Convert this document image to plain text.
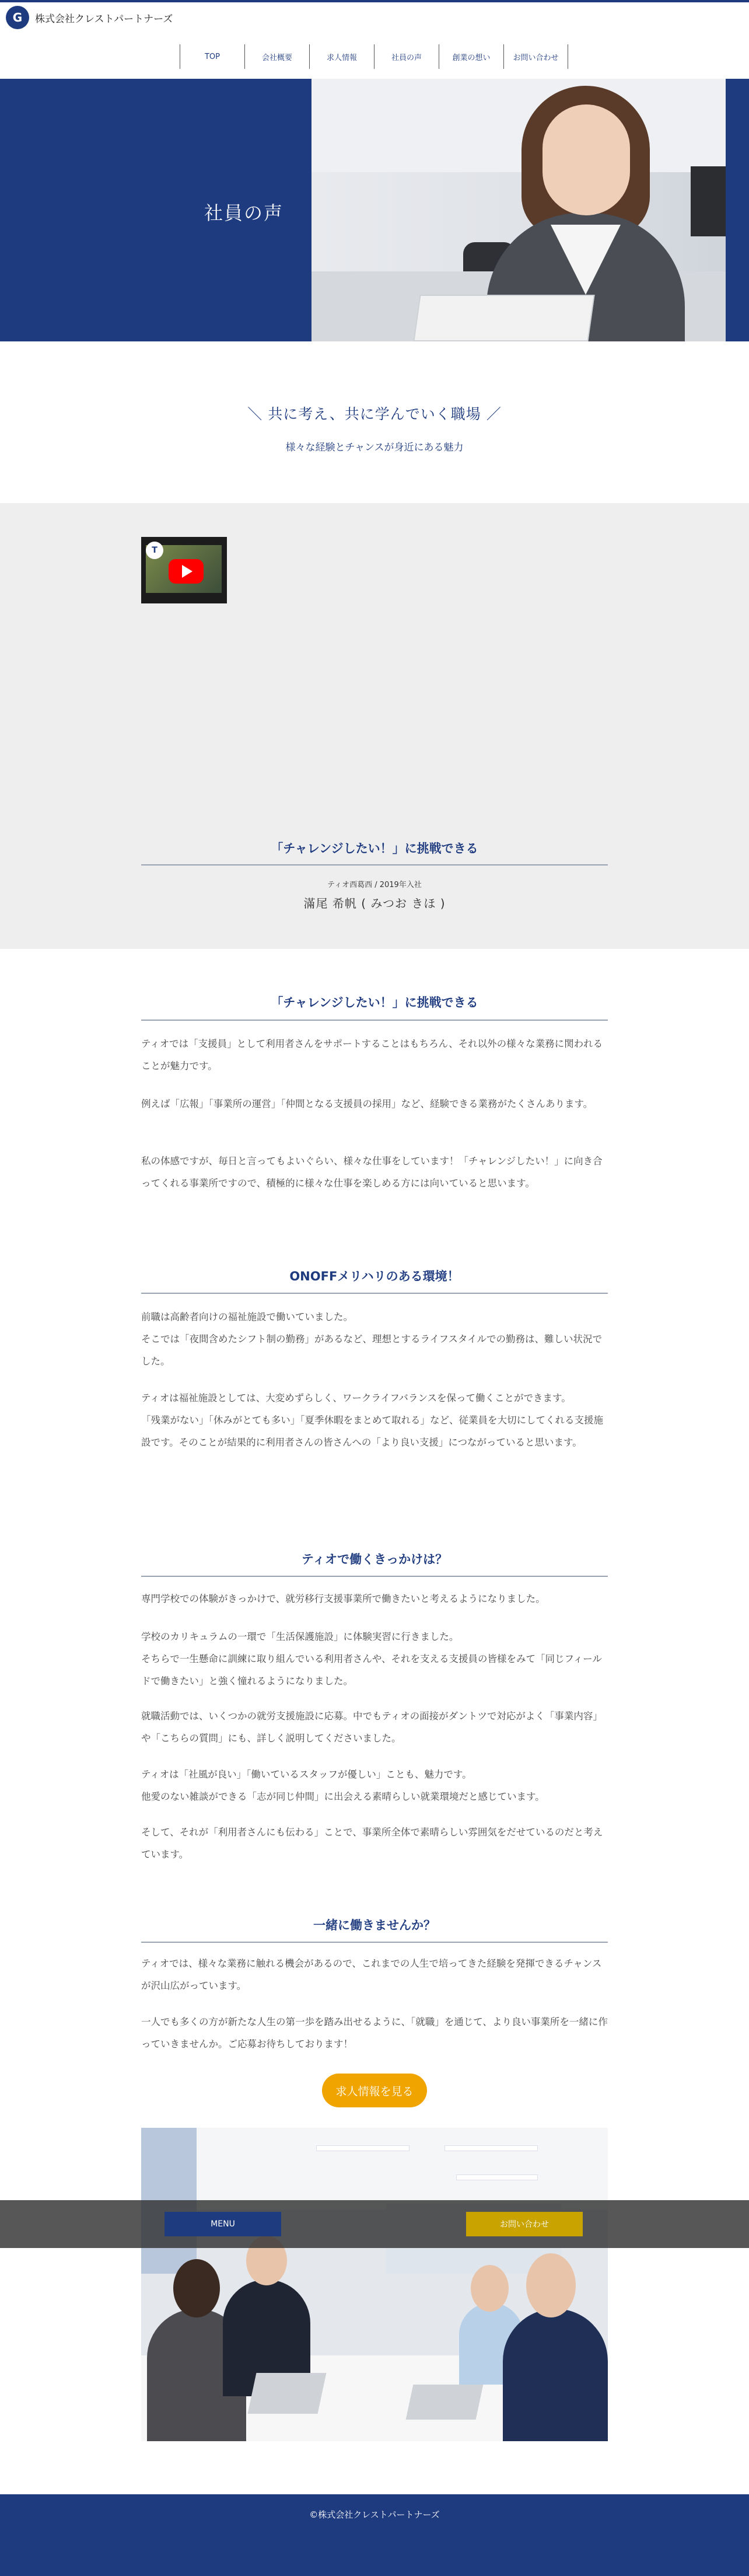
G	株式会社クレストパートナーズ
TOP	会社概要	求人情報	社員の声	創業の想い	お問い合わせ
社員の声
＼ 共に考え、共に学んでいく職場 ／
様々な経験とチャンスが身近にある魅力
T
「チャレンジしたい！」に挑戦できる
ティオ西葛西 / 2019年入社
滿尾 希帆 ( みつお きほ )
「チャレンジしたい！」に挑戦できる

ティオでは「支援員」として利用者さんをサポートすることはもちろん、それ以外の様々な業務に関われることが魅力です。

例えば「広報」「事業所の運営」「仲間となる支援員の採用」など、経験できる業務がたくさんあります。

私の体感ですが、毎日と言ってもよいぐらい、様々な仕事をしています！「チャレンジしたい！」に向き合ってくれる事業所ですので、積極的に様々な仕事を楽しめる方には向いていると思います。

ONOFFメリハリのある環境！

前職は高齢者向けの福祉施設で働いていました。
そこでは「夜間含めたシフト制の勤務」があるなど、理想とするライフスタイルでの勤務は、難しい状況でした。

ティオは福祉施設としては、大変めずらしく、ワークライフバランスを保って働くことができます。
「残業がない」「休みがとても多い」「夏季休暇をまとめて取れる」など、従業員を大切にしてくれる支援施設です。そのことが結果的に利用者さんの皆さんへの「より良い支援」につながっていると思います。

ティオで働くきっかけは？

専門学校での体験がきっかけで、就労移行支援事業所で働きたいと考えるようになりました。

学校のカリキュラムの一環で「生活保護施設」に体験実習に行きました。
そちらで一生懸命に訓練に取り組んでいる利用者さんや、それを支える支援員の皆様をみて「同じフィールドで働きたい」と強く憧れるようになりました。

就職活動では、いくつかの就労支援施設に応募。中でもティオの面接がダントツで対応がよく「事業内容」や「こちらの質問」にも、詳しく説明してくださいました。

ティオは「社風が良い」「働いているスタッフが優しい」ことも、魅力です。
他愛のない雑談ができる「志が同じ仲間」に出会える素晴らしい就業環境だと感じています。

そして、それが「利用者さんにも伝わる」ことで、事業所全体で素晴らしい雰囲気をだせているのだと考えています。

一緒に働きませんか？

ティオでは、様々な業務に触れる機会があるので、これまでの人生で培ってきた経験を発揮できるチャンスが沢山広がっています。

一人でも多くの方が新たな人生の第一歩を踏み出せるように、「就職」を通じて、より良い事業所を一緒に作っていきませんか。ご応募お待ちしております！

求人情報を見る
MENU	お問い合わせ
©株式会社クレストパートナーズ
